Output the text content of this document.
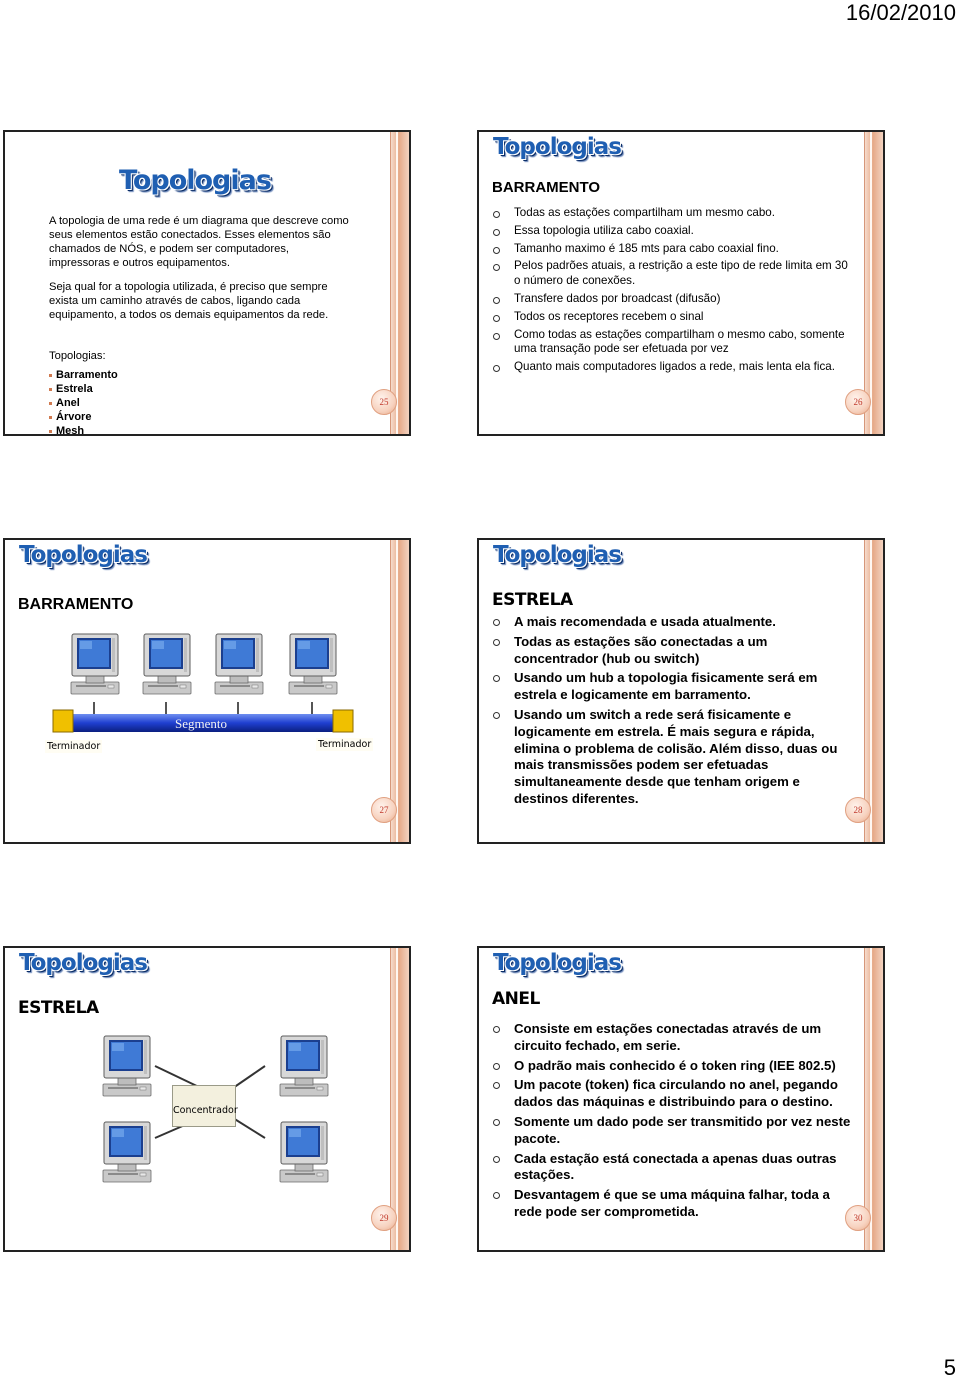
16/02/2010
Topologias
A topologia de uma rede é um diagrama que descreve como seus elementos estão conectados. Esses elementos são chamados de NÓS, e podem ser computadores, impressoras e outros equipamentos.
Seja qual for a topologia utilizada, é preciso que sempre exista um caminho através de cabos, ligando cada equipamento, a todos os demais equipamentos da rede.
Topologias:
Barramento
Estrela
Anel
Árvore
Mesh
25
Topologias
BARRAMENTO
Todas as estações compartilham um mesmo cabo.
Essa topologia utiliza cabo coaxial.
Tamanho maximo é 185 mts para cabo coaxial fino.
Pelos padrões atuais, a restrição a este tipo de rede limita em 30 o número de conexões.
Transfere dados por broadcast (difusão)
Todos os receptores recebem o sinal
Como todas as estações compartilham o mesmo cabo, somente uma transação pode ser efetuada por vez
Quanto mais computadores ligados a rede, mais lenta ela fica.
26
Topologias
BARRAMENTO
Segmento
Terminador	Terminador
27
Topologias
ESTRELA
A mais recomendada e usada atualmente.
Todas as estações são conectadas a um concentrador (hub ou switch)
Usando um hub a topologia fisicamente será em estrela e logicamente em barramento.
Usando um switch a rede será fisicamente e logicamente em estrela. É mais segura e rápida, elimina o problema de colisão. Além disso, duas ou mais transmissões podem ser efetuadas simultaneamente desde que tenham origem e destinos diferentes.
28
Topologias
ESTRELA
Concentrador
29
Topologias
ANEL
Consiste em estações conectadas através de um circuito fechado, em serie.
O padrão mais conhecido é o token ring (IEE 802.5)
Um pacote (token) fica circulando no anel, pegando dados das máquinas e distribuindo para o destino.
Somente um dado pode ser transmitido por vez neste pacote.
Cada estação está conectada a apenas duas outras estações.
Desvantagem é que se uma máquina falhar, toda a rede pode ser comprometida.	30
5
